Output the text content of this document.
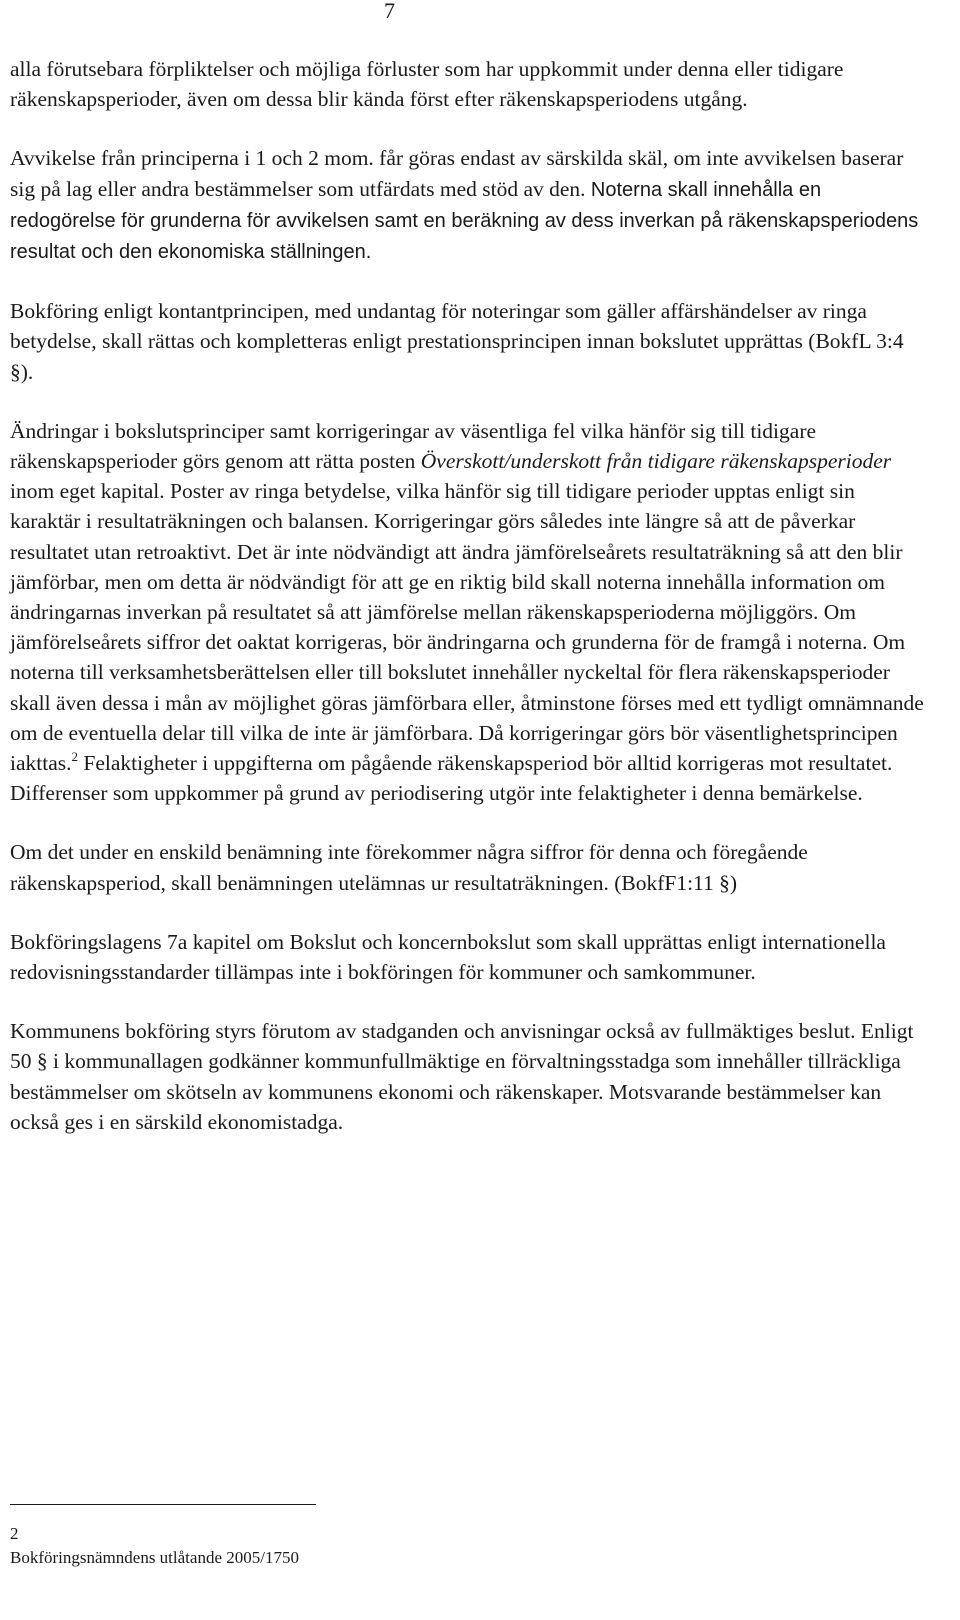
7

alla förutsebara förpliktelser och möjliga förluster som har uppkommit under denna eller tidigare räkenskapsperioder, även om dessa blir kända först efter räkenskapsperiodens utgång.

Avvikelse från principerna i 1 och 2 mom. får göras endast av särskilda skäl, om inte avvikelsen baserar sig på lag eller andra bestämmelser som utfärdats med stöd av den. Noterna skall innehålla en redogörelse för grunderna för avvikelsen samt en beräkning av dess inverkan på räkenskapsperiodens resultat och den ekonomiska ställningen.

Bokföring enligt kontantprincipen, med undantag för noteringar som gäller affärshändelser av ringa betydelse, skall rättas och kompletteras enligt prestationsprincipen innan bokslutet upprättas (BokfL 3:4 §).

Ändringar i bokslutsprinciper samt korrigeringar av väsentliga fel vilka hänför sig till tidigare räkenskapsperioder görs genom att rätta posten Överskott/underskott från tidigare räkenskapsperioder inom eget kapital. Poster av ringa betydelse, vilka hänför sig till tidigare perioder upptas enligt sin karaktär i resultaträkningen och balansen. Korrigeringar görs således inte längre så att de påverkar resultatet utan retroaktivt. Det är inte nödvändigt att ändra jämförelseårets resultaträkning så att den blir jämförbar, men om detta är nödvändigt för att ge en riktig bild skall noterna innehålla information om ändringarnas inverkan på resultatet så att jämförelse mellan räkenskapsperioderna möjliggörs. Om jämförelseårets siffror det oaktat korrigeras, bör ändringarna och grunderna för de framgå i noterna. Om noterna till verksamhetsberättelsen eller till bokslutet innehåller nyckeltal för flera räkenskapsperioder skall även dessa i mån av möjlighet göras jämförbara eller, åtminstone förses med ett tydligt omnämnande om de eventuella delar till vilka de inte är jämförbara. Då korrigeringar görs bör väsentlighetsprincipen iakttas.$^2$ Felaktigheter i uppgifterna om pågående räkenskapsperiod bör alltid korrigeras mot resultatet. Differenser som uppkommer på grund av periodisering utgör inte felaktigheter i denna bemärkelse.

Om det under en enskild benämning inte förekommer några siffror för denna och föregående räkenskapsperiod, skall benämningen utelämnas ur resultaträkningen. (BokfF1:11 §)

Bokföringslagens 7a kapitel om Bokslut och koncernbokslut som skall upprättas enligt internationella redovisningsstandarder tillämpas inte i bokföringen för kommuner och samkommuner.

Kommunens bokföring styrs förutom av stadganden och anvisningar också av fullmäktiges beslut. Enligt 50 § i kommunallagen godkänner kommunfullmäktige en förvaltningsstadga som innehåller tillräckliga bestämmelser om skötseln av kommunens ekonomi och räkenskaper. Motsvarande bestämmelser kan också ges i en särskild ekonomistadga.

2
Bokföringsnämndens utlåtande 2005/1750
